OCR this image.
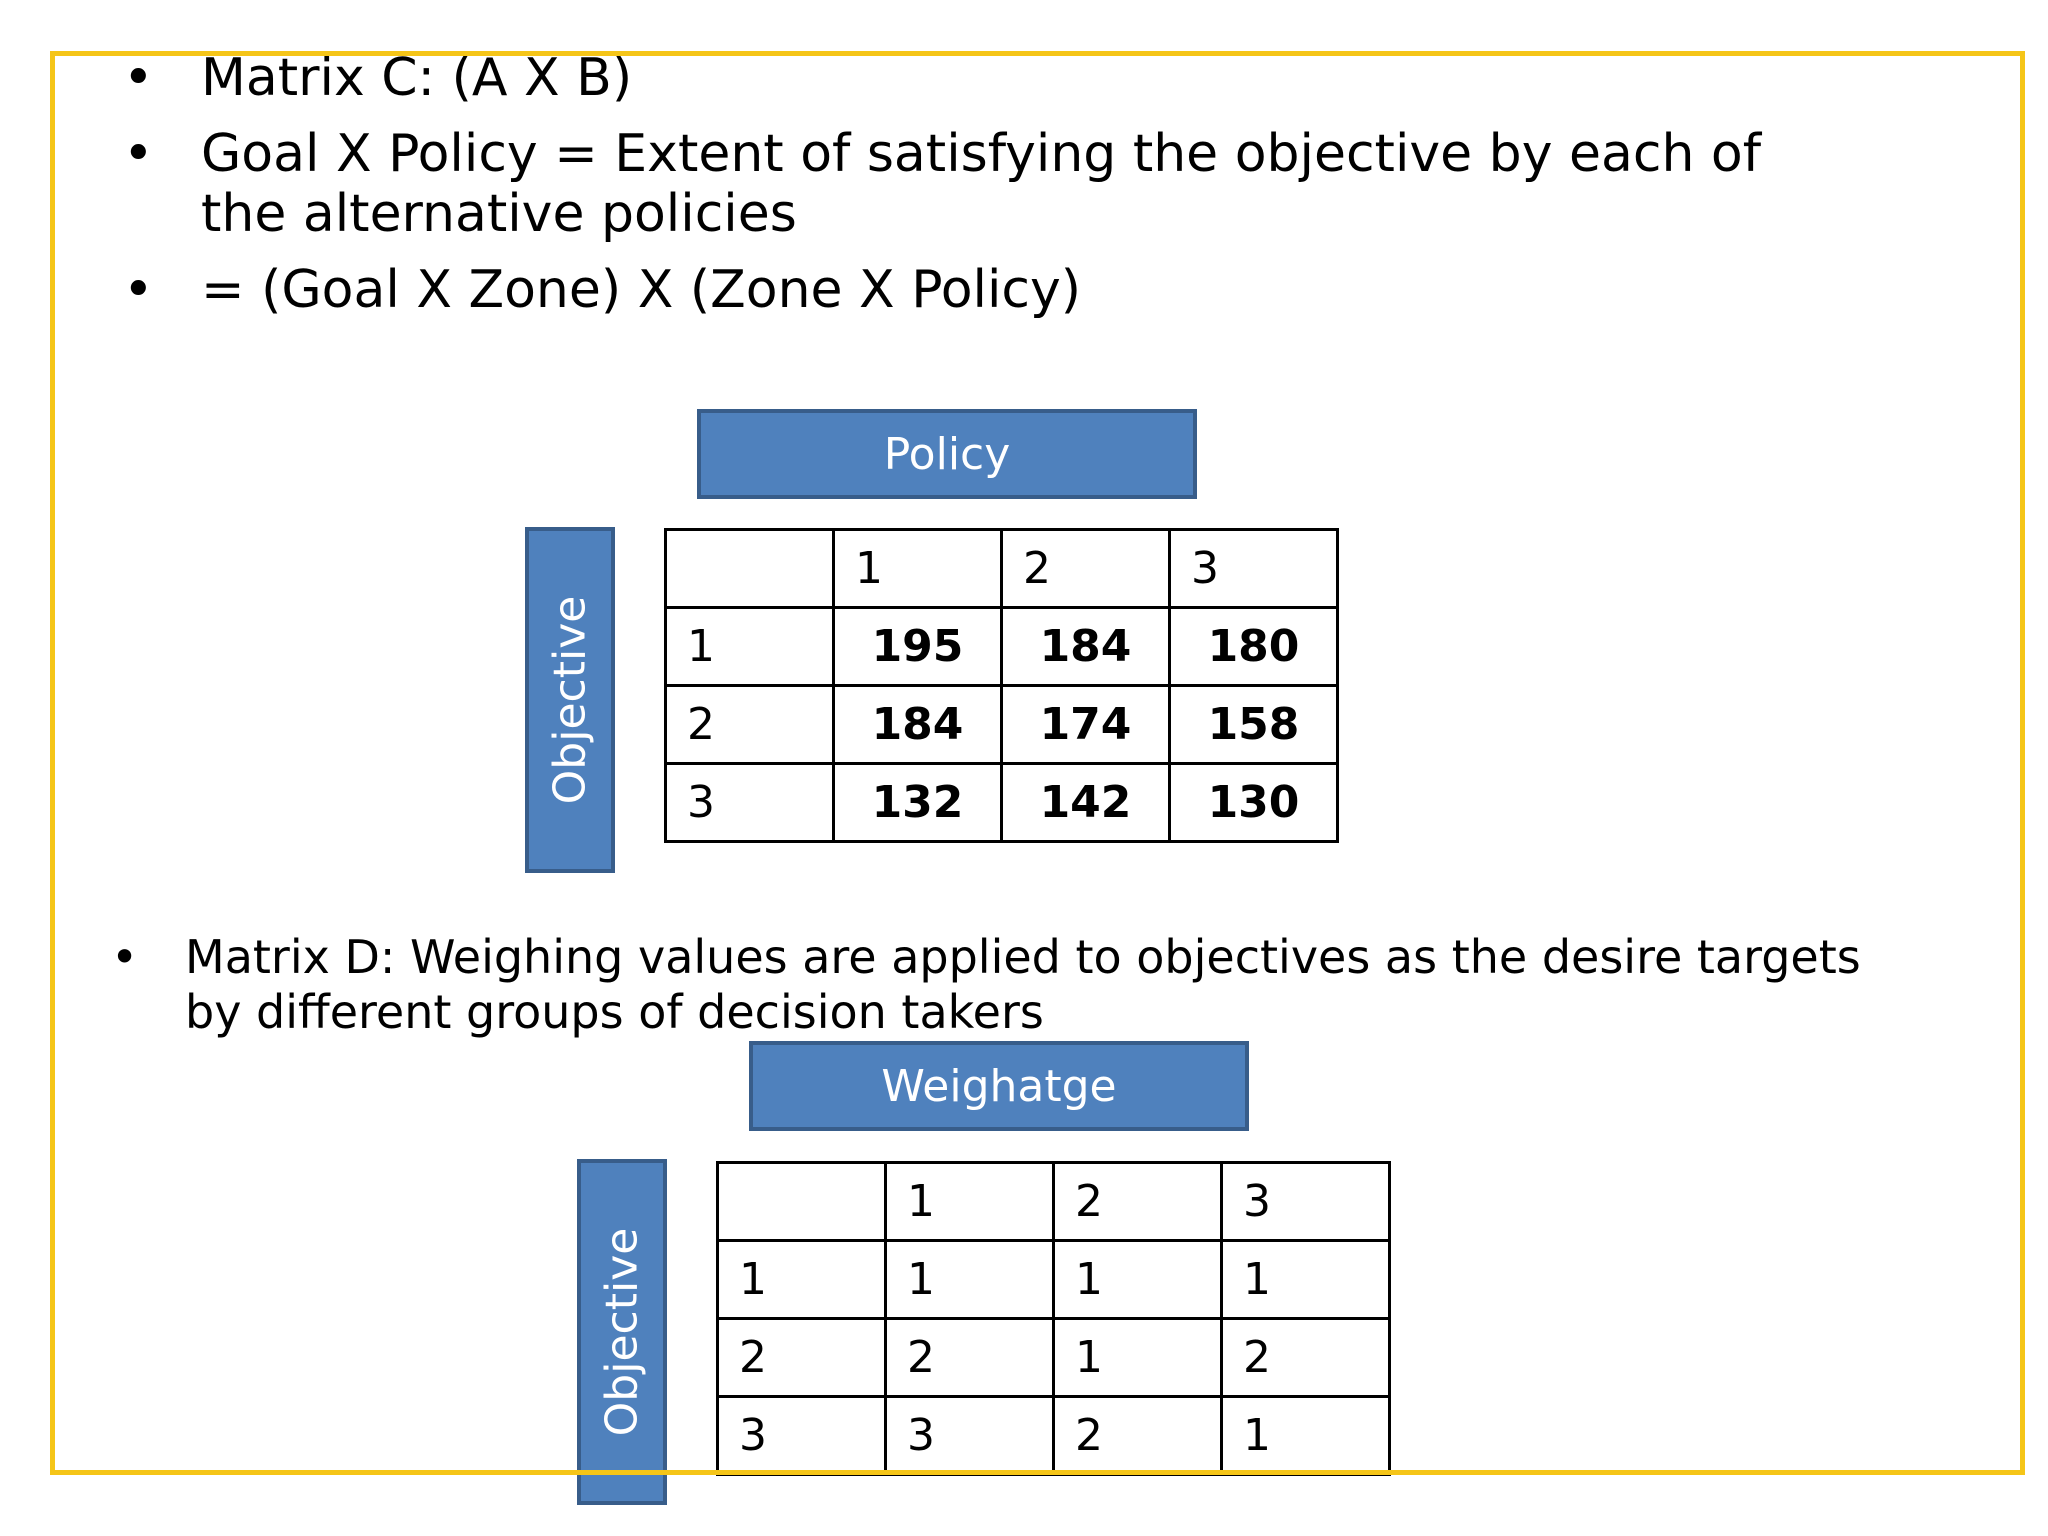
• Matrix C: (A X B)
• Goal X Policy = Extent of satisfying the objective by each of the alternative policies
• = (Goal X Zone) X (Zone X Policy)
Policy
Objective
	1	2	3
1	195	184	180
2	184	174	158
3	132	142	130
• Matrix D: Weighing values are applied to objectives as the desire targets by different groups of decision takers
Weighatge
Objective
	1	2	3
1	1	1	1
2	2	1	2
3	3	2	1
